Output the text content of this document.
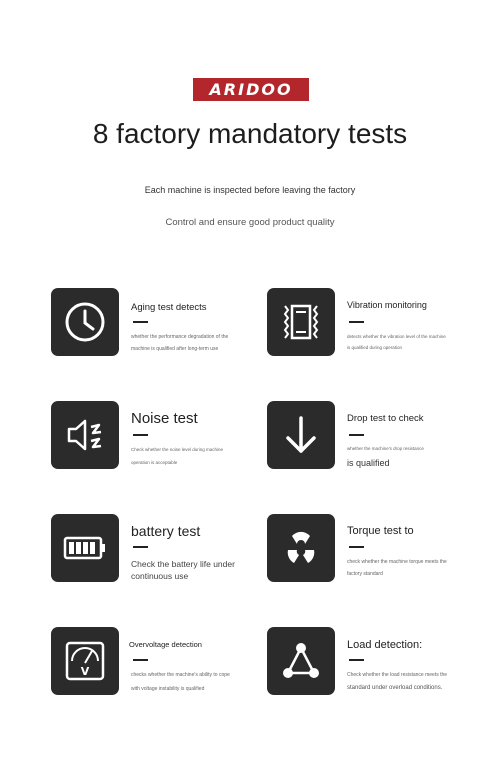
ARIDOO
8 factory mandatory tests
Each machine is inspected before leaving the factory
Control and ensure good product quality
Aging test detects
whether the performance degradation of the
machine is qualified after long-term use
Vibration monitoring
detects whether the vibration level of the machine
is qualified during operation
Noise test
Check whether the noise level during machine
operation is acceptable
Drop test to check
whether the machine's drop resistance
is qualified
battery test
Check the battery life under
continuous use
Torque test to
check whether the machine torque meets the
factory standard
V
Overvoltage detection
checks whether the machine's ability to cope
with voltage instability is qualified
Load detection:
Check whether the load resistance meets the
standard under overload conditions.
